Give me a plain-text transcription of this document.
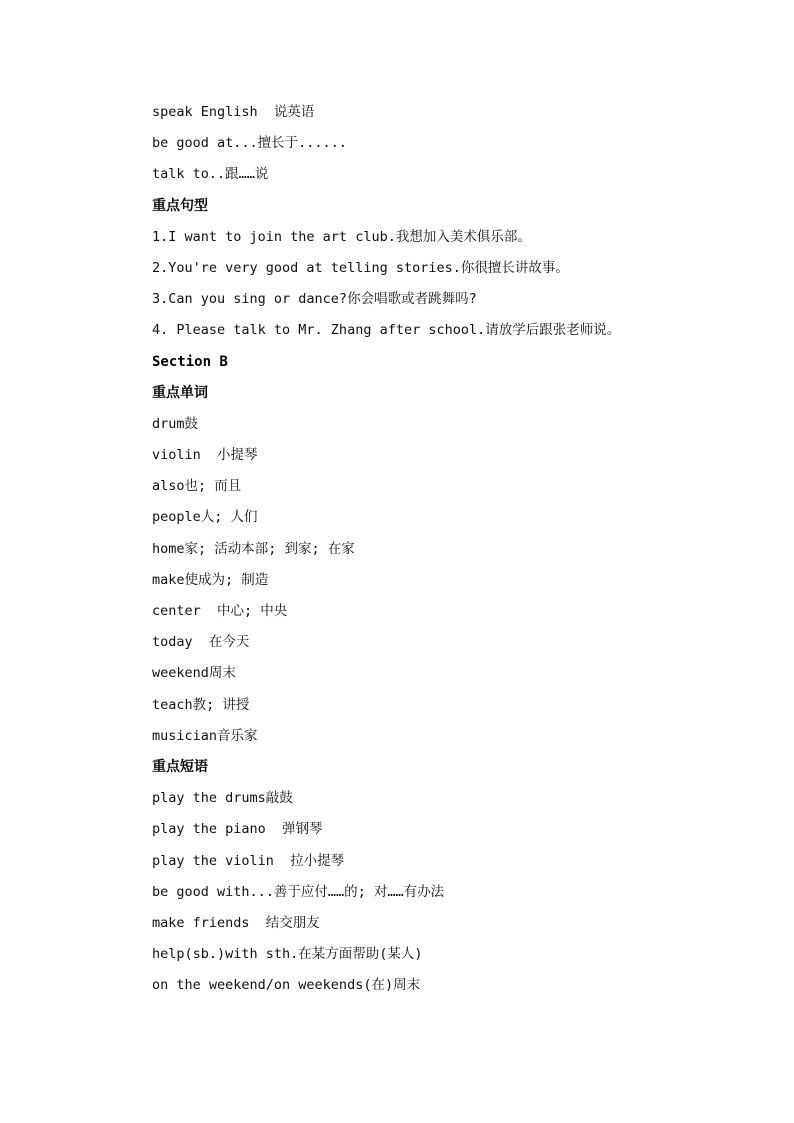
speak English  说英语
be good at...擅长于......
talk to..跟……说
重点句型
1.I want to join the art club.我想加入美术俱乐部。
2.You're very good at telling stories.你很擅长讲故事。
3.Can you sing or dance?你会唱歌或者跳舞吗?
4. Please talk to Mr. Zhang after school.请放学后跟张老师说。
Section B
重点单词
drum鼓
violin  小提琴
also也; 而且
people人; 人们
home家; 活动本部; 到家; 在家
make使成为; 制造
center  中心; 中央
today  在今天
weekend周末
teach教; 讲授
musician音乐家
重点短语
play the drums敲鼓
play the piano  弹钢琴
play the violin  拉小提琴
be good with...善于应付……的; 对……有办法
make friends  结交朋友
help(sb.)with sth.在某方面帮助(某人)
on the weekend/on weekends(在)周末
